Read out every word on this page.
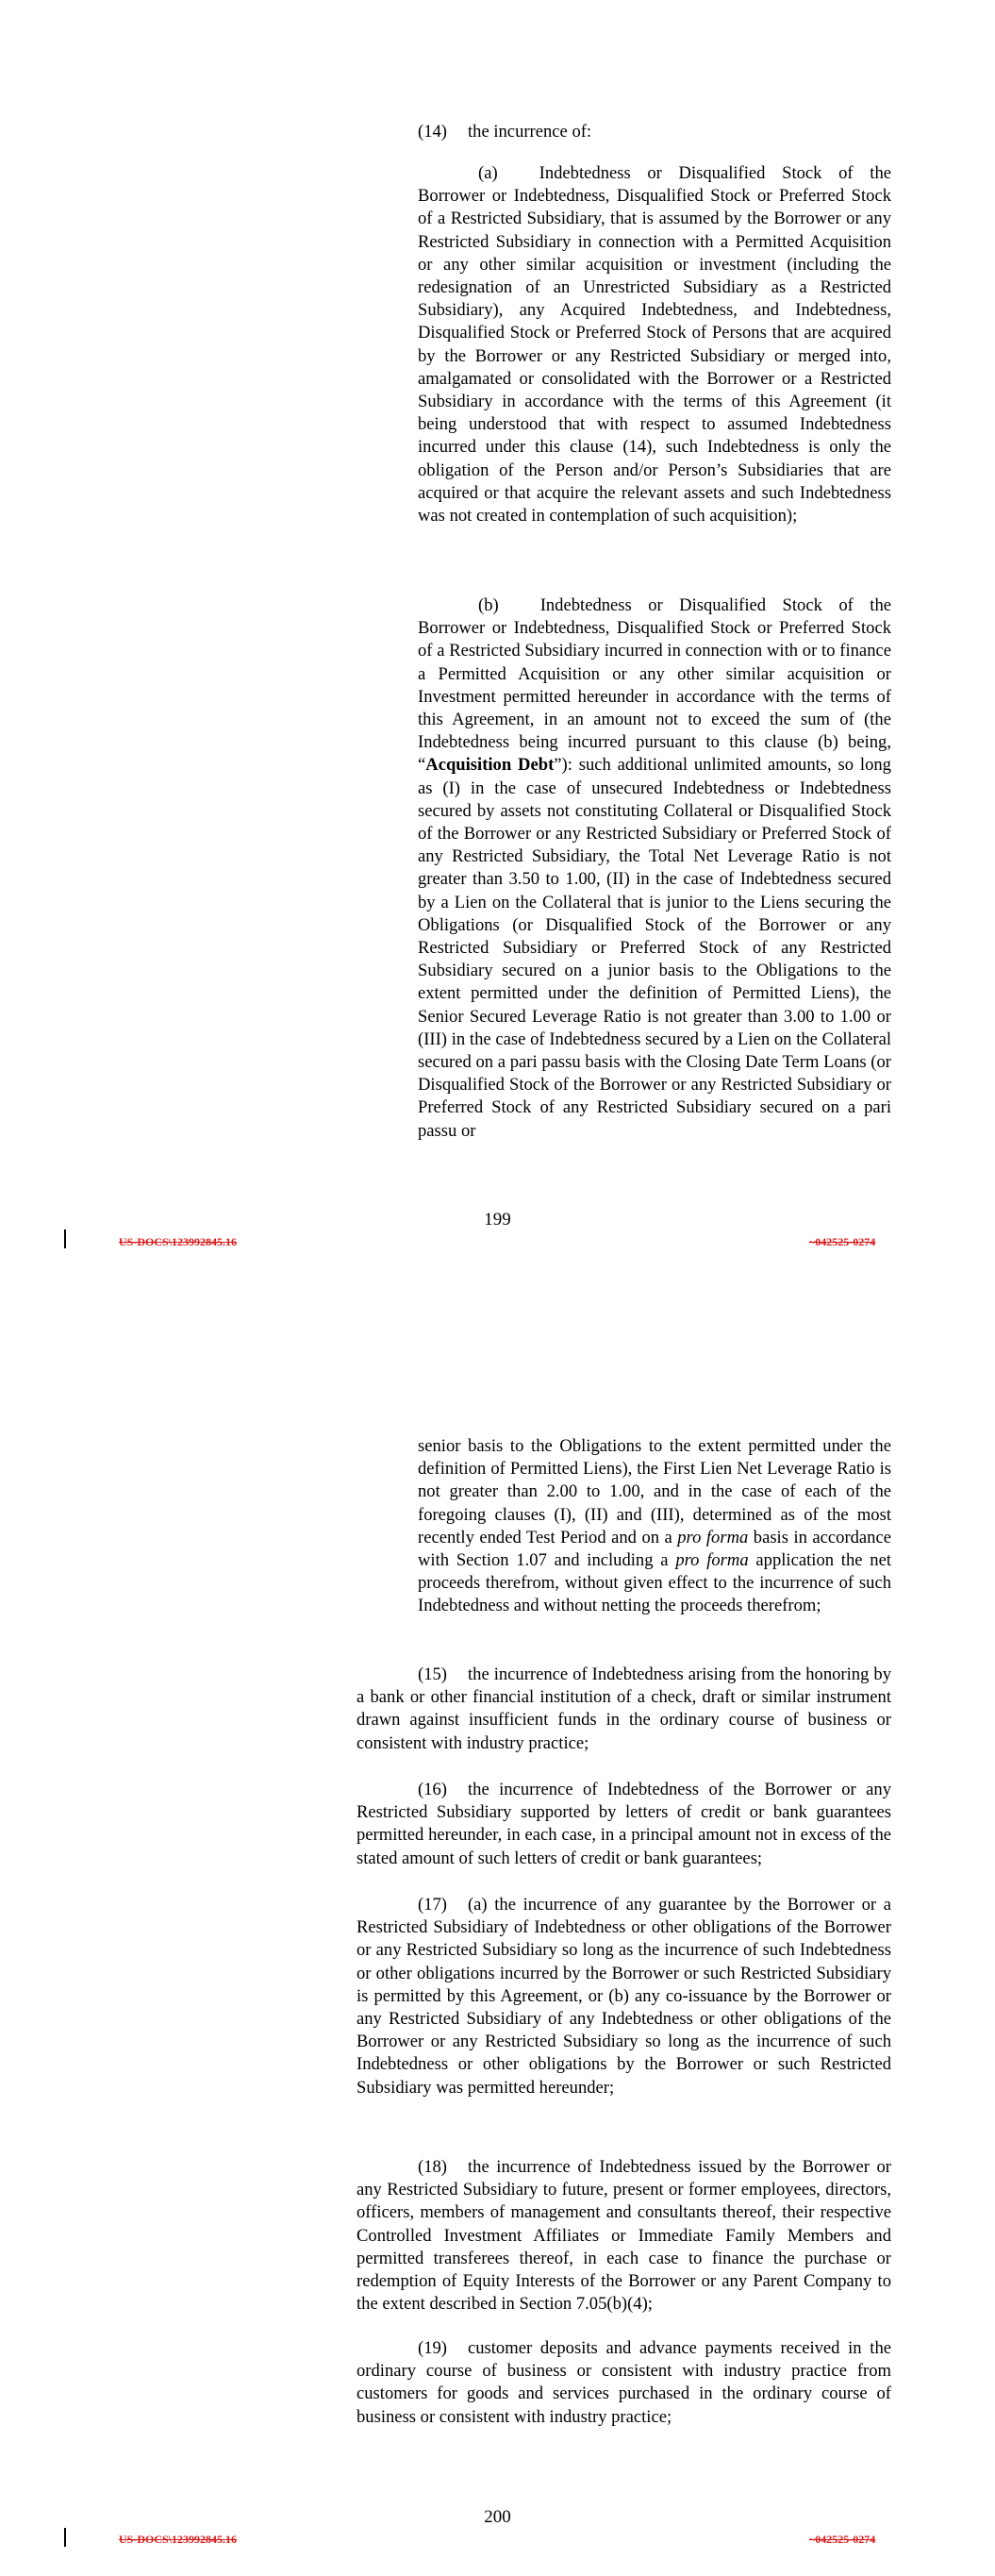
(14) the incurrence of:

(a) Indebtedness or Disqualified Stock of the Borrower or Indebtedness, Disqualified Stock or Preferred Stock of a Restricted Subsidiary, that is assumed by the Borrower or any Restricted Subsidiary in connection with a Permitted Acquisition or any other similar acquisition or investment (including the redesignation of an Unrestricted Subsidiary as a Restricted Subsidiary), any Acquired Indebtedness, and Indebtedness, Disqualified Stock or Preferred Stock of Persons that are acquired by the Borrower or any Restricted Subsidiary or merged into, amalgamated or consolidated with the Borrower or a Restricted Subsidiary in accordance with the terms of this Agreement (it being understood that with respect to assumed Indebtedness incurred under this clause (14), such Indebtedness is only the obligation of the Person and/or Person’s Subsidiaries that are acquired or that acquire the relevant assets and such Indebtedness was not created in contemplation of such acquisition);

(b) Indebtedness or Disqualified Stock of the Borrower or Indebtedness, Disqualified Stock or Preferred Stock of a Restricted Subsidiary incurred in connection with or to finance a Permitted Acquisition or any other similar acquisition or Investment permitted hereunder in accordance with the terms of this Agreement, in an amount not to exceed the sum of (the Indebtedness being incurred pursuant to this clause (b) being, “Acquisition Debt”): such additional unlimited amounts, so long as (I) in the case of unsecured Indebtedness or Indebtedness secured by assets not constituting Collateral or Disqualified Stock of the Borrower or any Restricted Subsidiary or Preferred Stock of any Restricted Subsidiary, the Total Net Leverage Ratio is not greater than 3.50 to 1.00, (II) in the case of Indebtedness secured by a Lien on the Collateral that is junior to the Liens securing the Obligations (or Disqualified Stock of the Borrower or any Restricted Subsidiary or Preferred Stock of any Restricted Subsidiary secured on a junior basis to the Obligations to the extent permitted under the definition of Permitted Liens), the Senior Secured Leverage Ratio is not greater than 3.00 to 1.00 or (III) in the case of Indebtedness secured by a Lien on the Collateral secured on a pari passu basis with the Closing Date Term Loans (or Disqualified Stock of the Borrower or any Restricted Subsidiary or Preferred Stock of any Restricted Subsidiary secured on a pari passu or

199
US-DOCS\123992845.16	~042525-0274

senior basis to the Obligations to the extent permitted under the definition of Permitted Liens), the First Lien Net Leverage Ratio is not greater than 2.00 to 1.00, and in the case of each of the foregoing clauses (I), (II) and (III), determined as of the most recently ended Test Period and on a pro forma basis in accordance with Section 1.07 and including a pro forma application the net proceeds therefrom, without given effect to the incurrence of such Indebtedness and without netting the proceeds therefrom;

(15) the incurrence of Indebtedness arising from the honoring by a bank or other financial institution of a check, draft or similar instrument drawn against insufficient funds in the ordinary course of business or consistent with industry practice;

(16) the incurrence of Indebtedness of the Borrower or any Restricted Subsidiary supported by letters of credit or bank guarantees permitted hereunder, in each case, in a principal amount not in excess of the stated amount of such letters of credit or bank guarantees;

(17) (a) the incurrence of any guarantee by the Borrower or a Restricted Subsidiary of Indebtedness or other obligations of the Borrower or any Restricted Subsidiary so long as the incurrence of such Indebtedness or other obligations incurred by the Borrower or such Restricted Subsidiary is permitted by this Agreement, or (b) any co-issuance by the Borrower or any Restricted Subsidiary of any Indebtedness or other obligations of the Borrower or any Restricted Subsidiary so long as the incurrence of such Indebtedness or other obligations by the Borrower or such Restricted Subsidiary was permitted hereunder;

(18) the incurrence of Indebtedness issued by the Borrower or any Restricted Subsidiary to future, present or former employees, directors, officers, members of management and consultants thereof, their respective Controlled Investment Affiliates or Immediate Family Members and permitted transferees thereof, in each case to finance the purchase or redemption of Equity Interests of the Borrower or any Parent Company to the extent described in Section 7.05(b)(4);

(19) customer deposits and advance payments received in the ordinary course of business or consistent with industry practice from customers for goods and services purchased in the ordinary course of business or consistent with industry practice;

200
US-DOCS\123992845.16	~042525-0274
